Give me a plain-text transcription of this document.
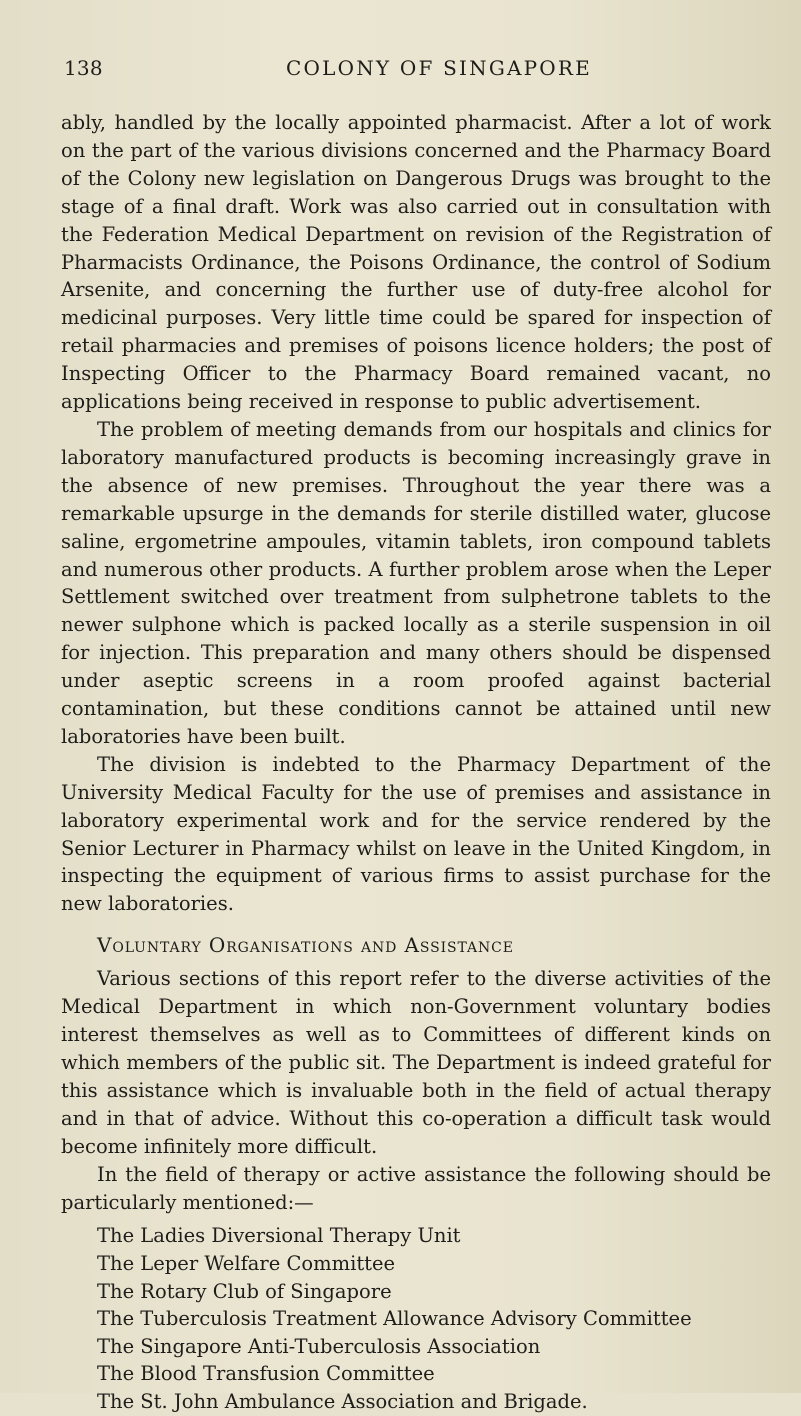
138	COLONY OF SINGAPORE

ably, handled by the locally appointed pharmacist. After a lot of work on the part of the various divisions concerned and the Pharmacy Board of the Colony new legislation on Dangerous Drugs was brought to the stage of a final draft. Work was also carried out in consultation with the Federation Medical Department on revision of the Registration of Pharmacists Ordinance, the Poisons Ordinance, the control of Sodium Arsenite, and concerning the further use of duty-free alcohol for medicinal purposes. Very little time could be spared for inspection of retail pharmacies and premises of poisons licence holders; the post of Inspecting Officer to the Pharmacy Board remained vacant, no applications being received in response to public advertisement.

The problem of meeting demands from our hospitals and clinics for laboratory manufactured products is becoming increasingly grave in the absence of new premises. Throughout the year there was a remarkable upsurge in the demands for sterile distilled water, glucose saline, ergometrine ampoules, vitamin tablets, iron compound tablets and numerous other products. A further problem arose when the Leper Settlement switched over treatment from sulphetrone tablets to the newer sulphone which is packed locally as a sterile suspension in oil for injection. This preparation and many others should be dispensed under aseptic screens in a room proofed against bacterial contamination, but these conditions cannot be attained until new laboratories have been built.

The division is indebted to the Pharmacy Department of the University Medical Faculty for the use of premises and assistance in laboratory experimental work and for the service rendered by the Senior Lecturer in Pharmacy whilst on leave in the United Kingdom, in inspecting the equipment of various firms to assist purchase for the new laboratories.

Voluntary Organisations and Assistance

Various sections of this report refer to the diverse activities of the Medical Department in which non-Government voluntary bodies interest themselves as well as to Committees of different kinds on which members of the public sit. The Department is indeed grateful for this assistance which is invaluable both in the field of actual therapy and in that of advice. Without this co-operation a difficult task would become infinitely more difficult.

In the field of therapy or active assistance the following should be particularly mentioned:—

The Ladies Diversional Therapy Unit
The Leper Welfare Committee
The Rotary Club of Singapore
The Tuberculosis Treatment Allowance Advisory Committee
The Singapore Anti-Tuberculosis Association
The Blood Transfusion Committee
The St. John Ambulance Association and Brigade.
